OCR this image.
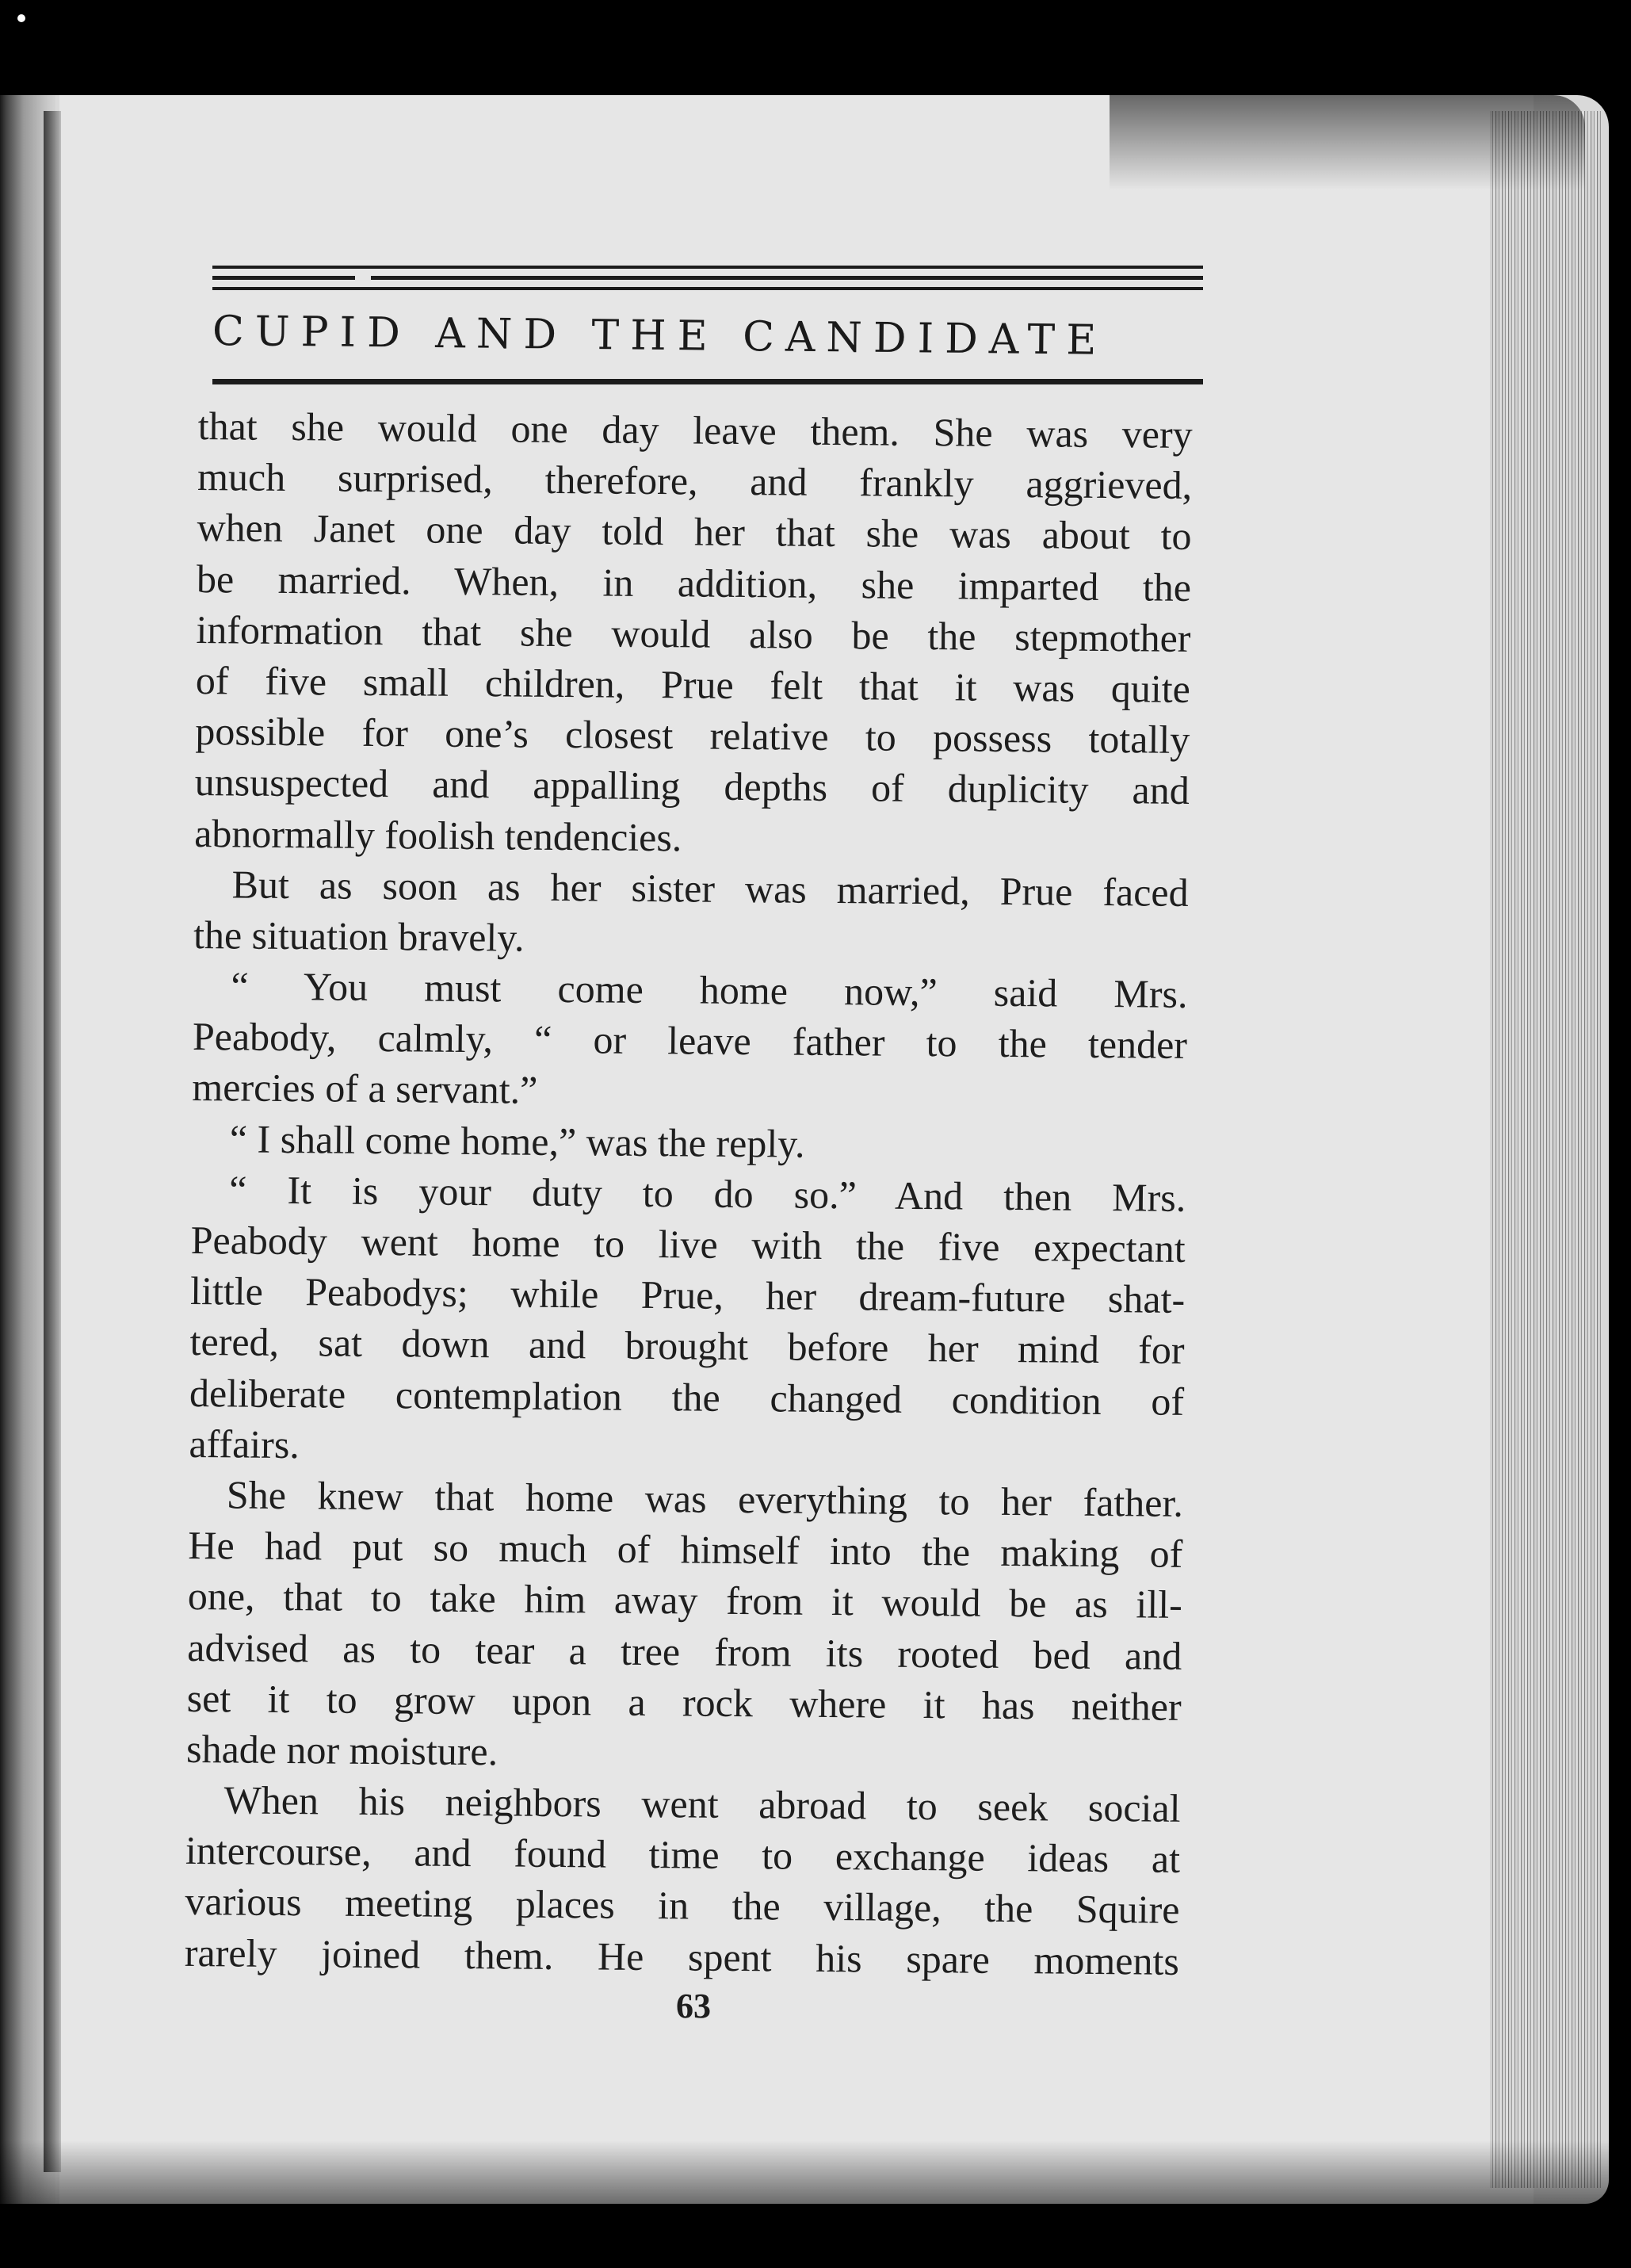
CUPID AND THE CANDIDATE
that she would one day leave them. She was very
much surprised, therefore, and frankly aggrieved,
when Janet one day told her that she was about to
be married. When, in addition, she imparted the
information that she would also be the stepmother
of five small children, Prue felt that it was quite
possible for one’s closest relative to possess totally
unsuspected and appalling depths of duplicity and
abnormally foolish tendencies.
But as soon as her sister was married, Prue faced
the situation bravely.
“ You must come home now,” said Mrs.
Peabody, calmly, “ or leave father to the tender
mercies of a servant.”
“ I shall come home,” was the reply.
“ It is your duty to do so.” And then Mrs.
Peabody went home to live with the five expectant
little Peabodys; while Prue, her dream-future shat-
tered, sat down and brought before her mind for
deliberate contemplation the changed condition of
affairs.
She knew that home was everything to her father.
He had put so much of himself into the making of
one, that to take him away from it would be as ill-
advised as to tear a tree from its rooted bed and
set it to grow upon a rock where it has neither
shade nor moisture.
When his neighbors went abroad to seek social
intercourse, and found time to exchange ideas at
various meeting places in the village, the Squire
rarely joined them. He spent his spare moments
63
